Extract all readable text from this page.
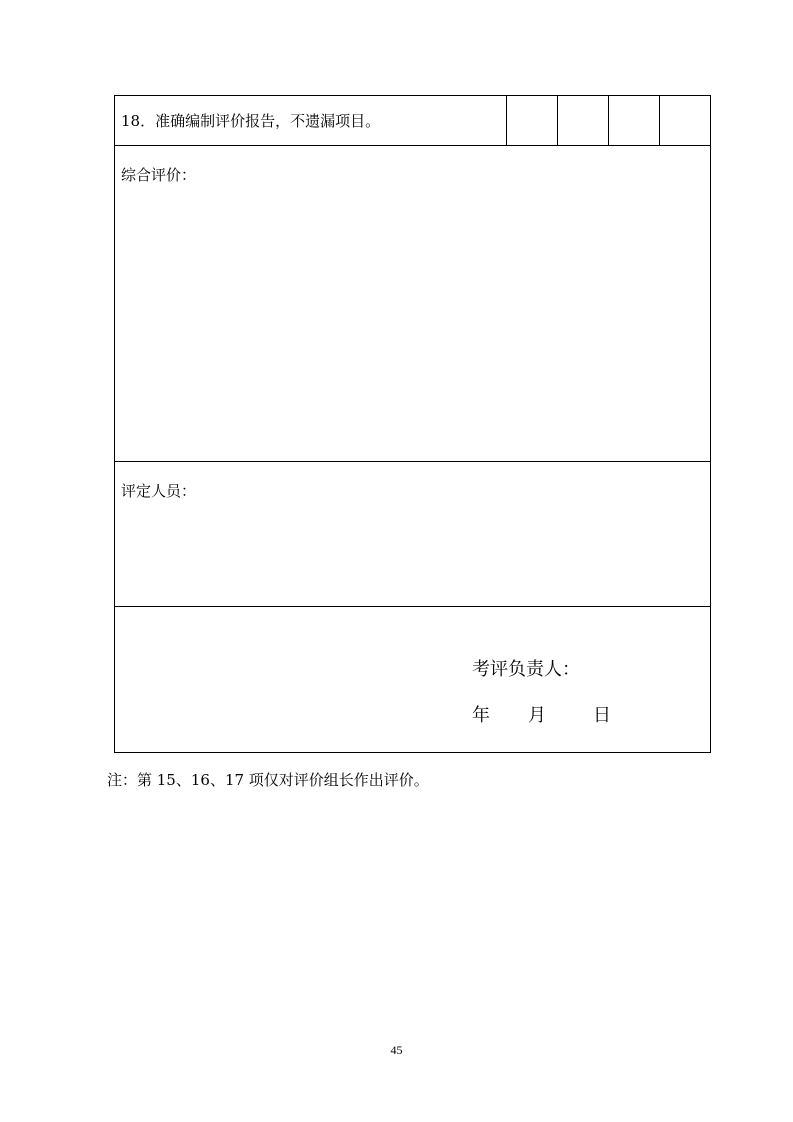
18．准确编制评价报告，不遗漏项目。				

综合评价：

评定人员：

考评负责人：
年 月	日
注：第 15、16、17 项仅对评价组长作出评价。
45
